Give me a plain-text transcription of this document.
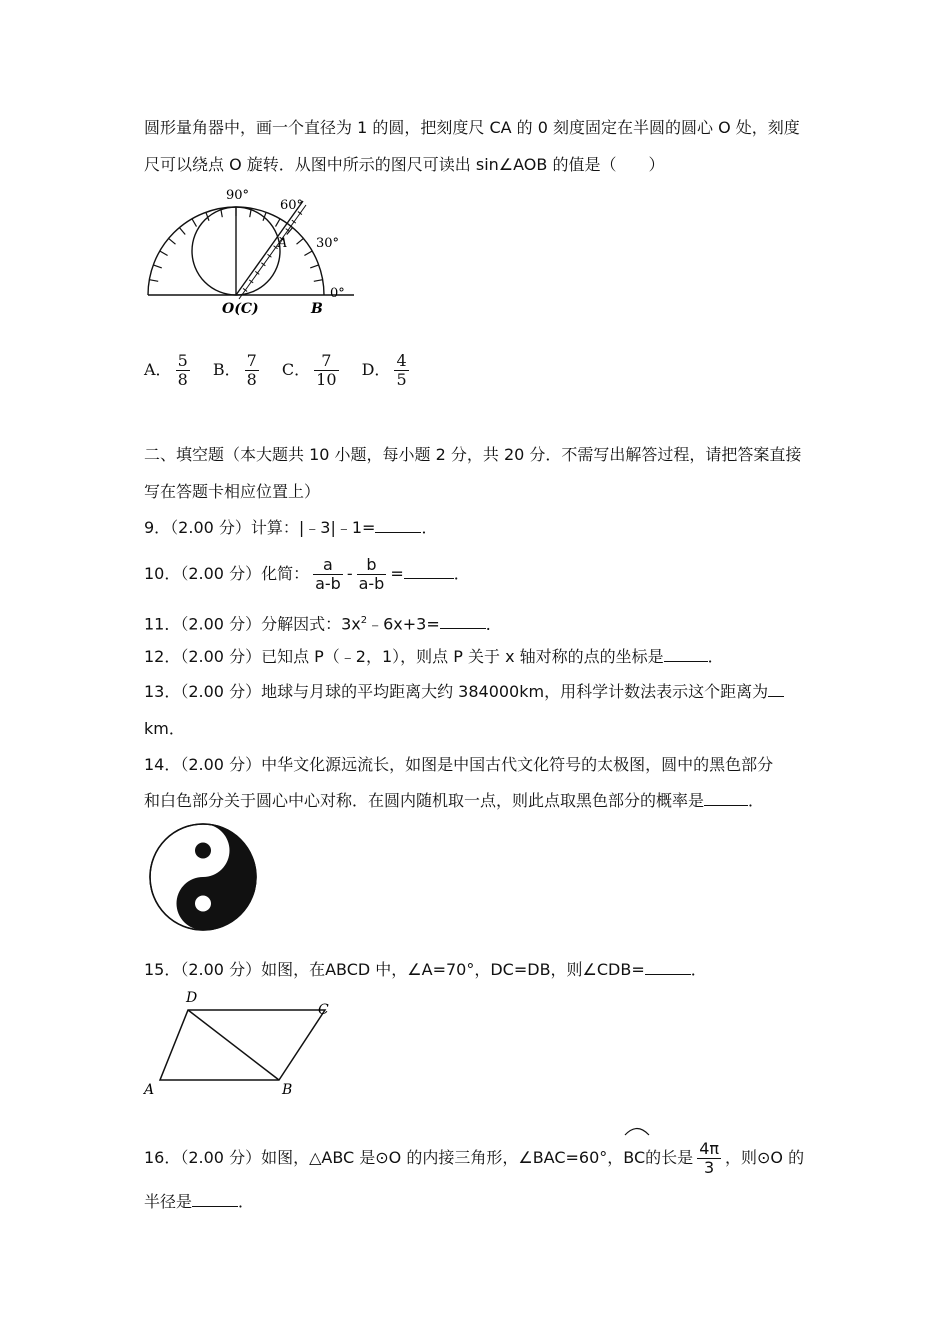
圆形量角器中，画一个直径为 1 的圆，把刻度尺 CA 的 0 刻度固定在半圆的圆心 O 处，刻度
尺可以绕点 O 旋转．从图中所示的图尺可读出 sin∠AOB 的值是（　　）
90°
60°
30°
0°
A
O(C)	B
A． $\frac{5}{8}$ B． $\frac{7}{8}$ C． $\frac{7}{10}$ D． $\frac{4}{5}$
二、填空题（本大题共 10 小题，每小题 2 分，共 20 分．不需写出解答过程，请把答案直接
写在答题卡相应位置上）
9．（2.00 分）计算：|﹣3|﹣1=	．
10．（2.00 分）化简： $\frac{a}{a-b} - \frac{b}{a-b}$ =	．
11．（2.00 分）分解因式：$3x^2﹣6x+3=$	．
12．（2.00 分）已知点 P（﹣2，1），则点 P 关于 x 轴对称的点的坐标是	．
13．（2.00 分）地球与月球的平均距离大约 384000km，用科学计数法表示这个距离为
km．
14．（2.00 分）中华文化源远流长，如图是中国古代文化符号的太极图，圆中的黑色部分
和白色部分关于圆心中心对称．在圆内随机取一点，则此点取黑色部分的概率是	．
15．（2.00 分）如图，在ABCD 中，∠A=70°，DC=DB，则∠CDB=	．
D
C
A	B
16．（2.00 分）如图，△ABC 是⊙O 的内接三角形，∠BAC=60°，
BC的长是 $\frac{4\pi}{3}$ ，则⊙O 的
半径是	．
